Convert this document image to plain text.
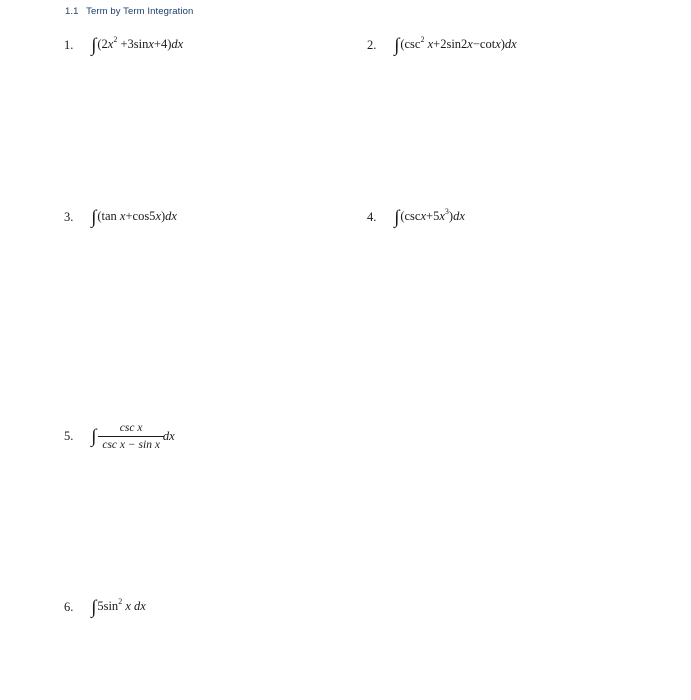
1.1 Term by Term Integration
1. $\int(2x^2 +3\sin x+4)dx$	2. $\int(\csc^2$ x+2sin2x−cotx)dx
3. ∫(tan x+cos5x)dx	4. $\int(\csc x+5x^3)dx$
5. ∫ $\frac{\text{csc x}}{\text{csc x − sin x}}$ dx
6. $\int 5\sin^2$ x dx
